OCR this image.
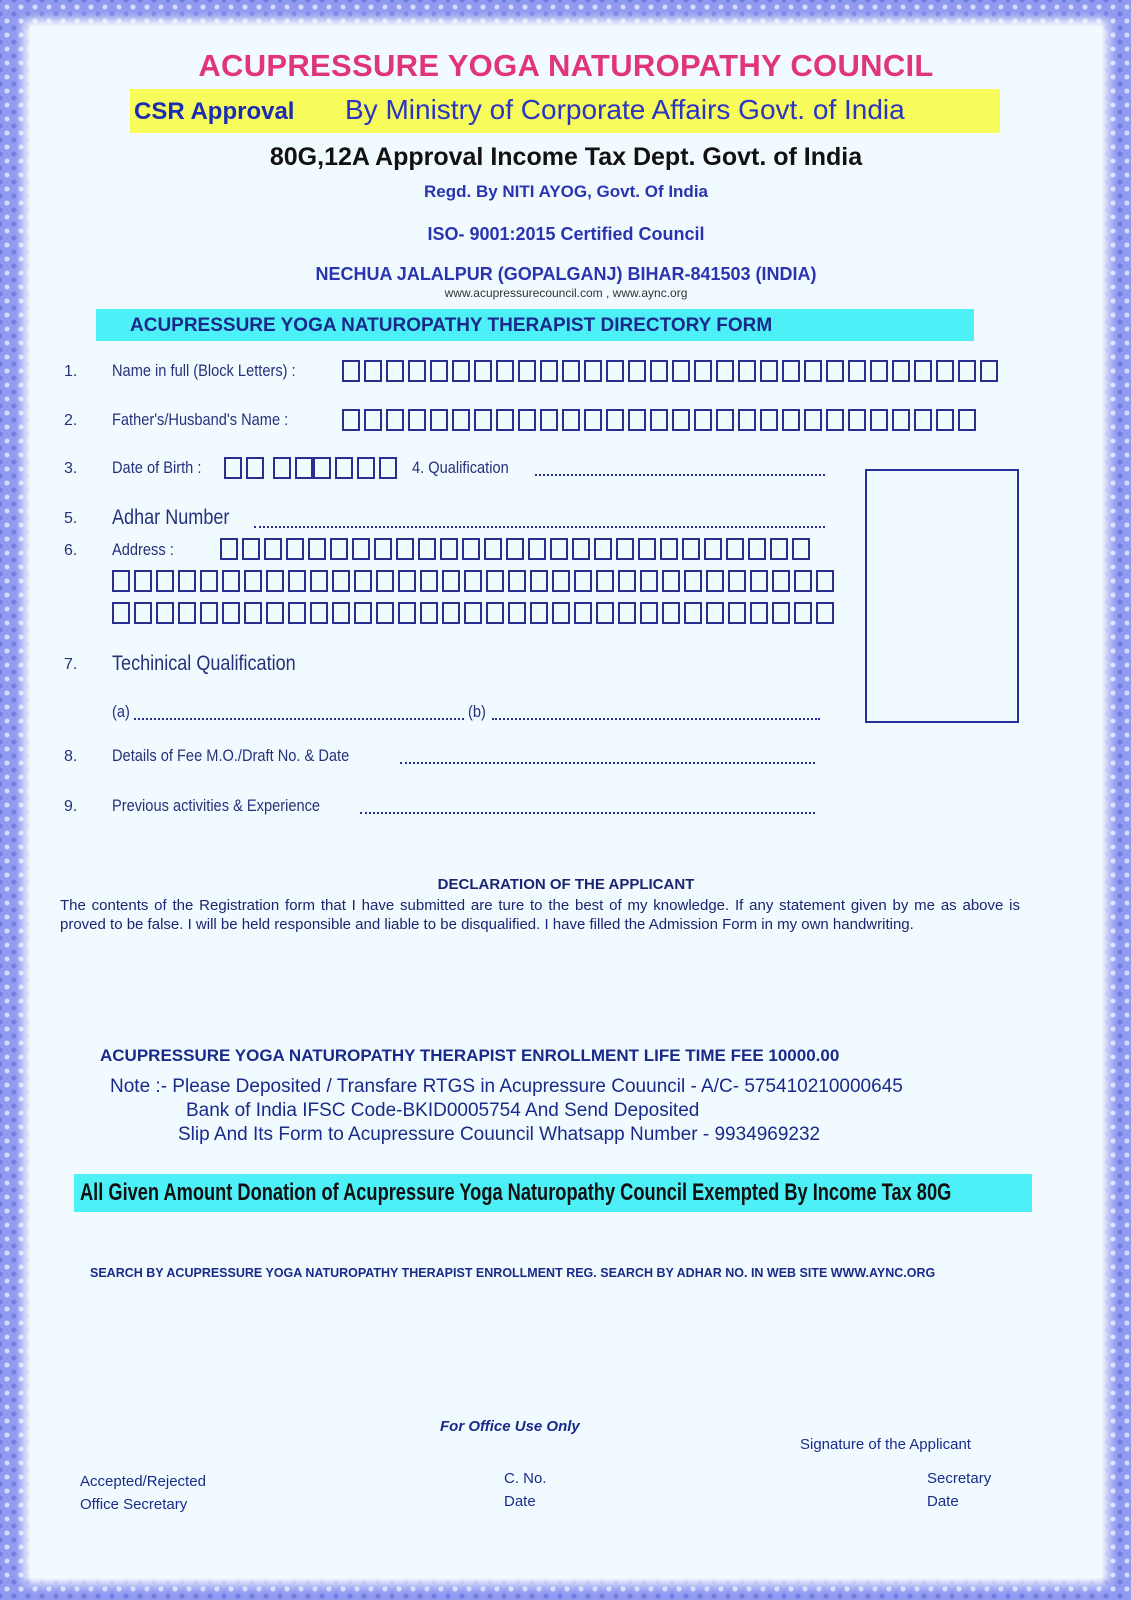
ACUPRESSURE YOGA NATUROPATHY COUNCIL
CSR Approval By Ministry of Corporate Affairs Govt. of India
80G,12A Approval Income Tax Dept. Govt. of India
Regd. By NITI AYOG, Govt. Of India
ISO- 9001:2015 Certified Council
NECHUA JALALPUR (GOPALGANJ) BIHAR-841503 (INDIA)
www.acupressurecouncil.com , www.aync.org
ACUPRESSURE YOGA NATUROPATHY THERAPIST DIRECTORY FORM
1. Name in full (Block Letters) :
2. Father's/Husband's Name :
3. Date of Birth :	4. Qualification
5. Adhar Number
6. Address :
7. Techinical Qualification
(a)	(b)
8. Details of Fee M.O./Draft No. & Date
9. Previous activities & Experience
DECLARATION OF THE APPLICANT
The contents of the Registration form that I have submitted are ture to the best of my knowledge. If any statement given by me as above is proved to be false. I will be held responsible and liable to be disqualified. I have filled the Admission Form in my own handwriting.
ACUPRESSURE YOGA NATUROPATHY THERAPIST ENROLLMENT LIFE TIME FEE 10000.00
Note :- Please Deposited / Transfare RTGS in Acupressure Couuncil - A/C- 575410210000645
Bank of India IFSC Code-BKID0005754 And Send Deposited
Slip And Its Form to Acupressure Couuncil Whatsapp Number - 9934969232
All Given Amount Donation of Acupressure Yoga Naturopathy Council Exempted By Income Tax 80G
SEARCH BY ACUPRESSURE YOGA NATUROPATHY THERAPIST ENROLLMENT REG. SEARCH BY ADHAR NO. IN WEB SITE WWW.AYNC.ORG
For Office Use Only
Signature of the Applicant
Accepted/Rejected
Office Secretary
C. No.
Date
Secretary
Date
